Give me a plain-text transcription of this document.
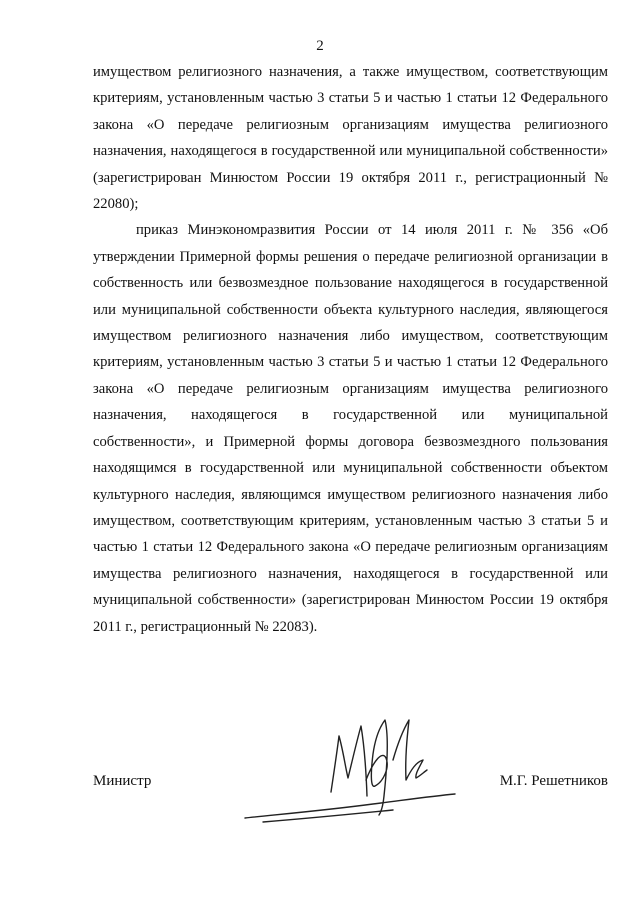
2

имуществом религиозного назначения, а также имуществом, соответствующим критериям, установленным частью 3 статьи 5 и частью 1 статьи 12 Федерального закона «О передаче религиозным организациям имущества религиозного назначения, находящегося в государственной или муниципальной собственности» (зарегистрирован Минюстом России 19 октября 2011 г., регистрационный № 22080);

приказ Минэкономразвития России от 14 июля 2011 г. № 356 «Об утверждении Примерной формы решения о передаче религиозной организации в собственность или безвозмездное пользование находящегося в государственной или муниципальной собственности объекта культурного наследия, являющегося имуществом религиозного назначения либо имуществом, соответствующим критериям, установленным частью 3 статьи 5 и частью 1 статьи 12 Федерального закона «О передаче религиозным организациям имущества религиозного назначения, находящегося в государственной или муниципальной собственности», и Примерной формы договора безвозмездного пользования находящимся в государственной или муниципальной собственности объектом культурного наследия, являющимся имуществом религиозного назначения либо имуществом, соответствующим критериям, установленным частью 3 статьи 5 и частью 1 статьи 12 Федерального закона «О передаче религиозным организациям имущества религиозного назначения, находящегося в государственной или муниципальной собственности» (зарегистрирован Минюстом России 19 октября 2011 г., регистрационный № 22083).

Министр	М.Г. Решетников
